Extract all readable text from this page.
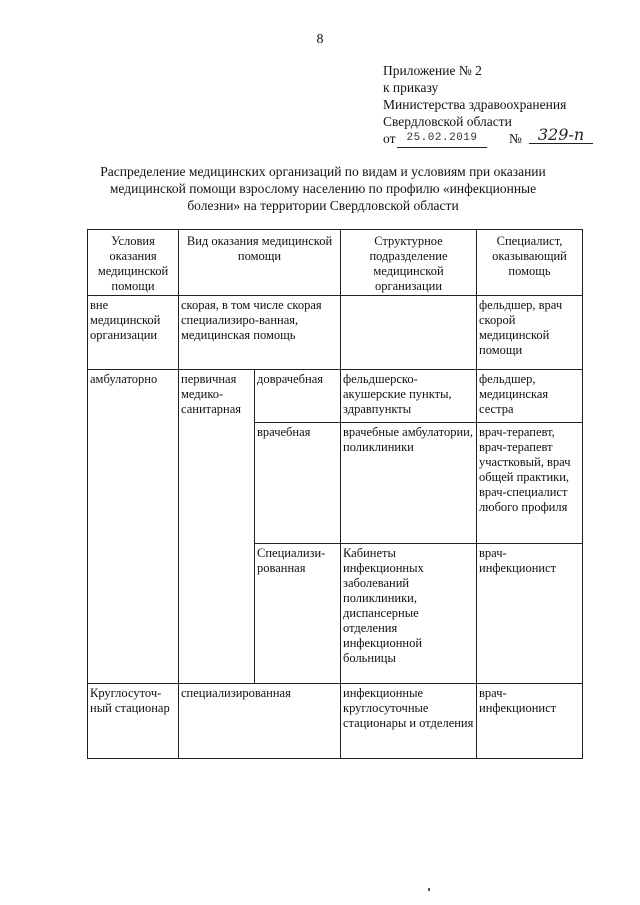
8
Приложение № 2
к приказу
Министерства здравоохранения
Свердловской области
от	25.02.2019	№ 329-п
Распределение медицинских организаций по видам и условиям при оказании медицинской помощи взрослому населению по профилю «инфекционные болезни» на территории Свердловской области
Условия оказания медицинской помощи	Вид оказания медицинской помощи		Структурное подразделение медицинской организации	Специалист, оказывающий помощь
вне медицинской организации	скорая, в том числе скорая специализиро-ванная, медицинская помощь			фельдшер, врач скорой медицинской помощи
амбулаторно	первичная медико-санитарная	доврачебная	фельдшерско-акушерские пункты, здравпункты	фельдшер, медицинская сестра
		врачебная	врачебные амбулатории, поликлиники	врач-терапевт, врач-терапевт участковый, врач общей практики, врач-специалист любого профиля
		Специализи-рованная	Кабинеты инфекционных заболеваний поликлиники, диспансерные отделения инфекционной больницы	врач-инфекционист
Круглосуточ-ный стационар	специализированная		инфекционные круглосуточные стационары и отделения	врач-инфекционист
